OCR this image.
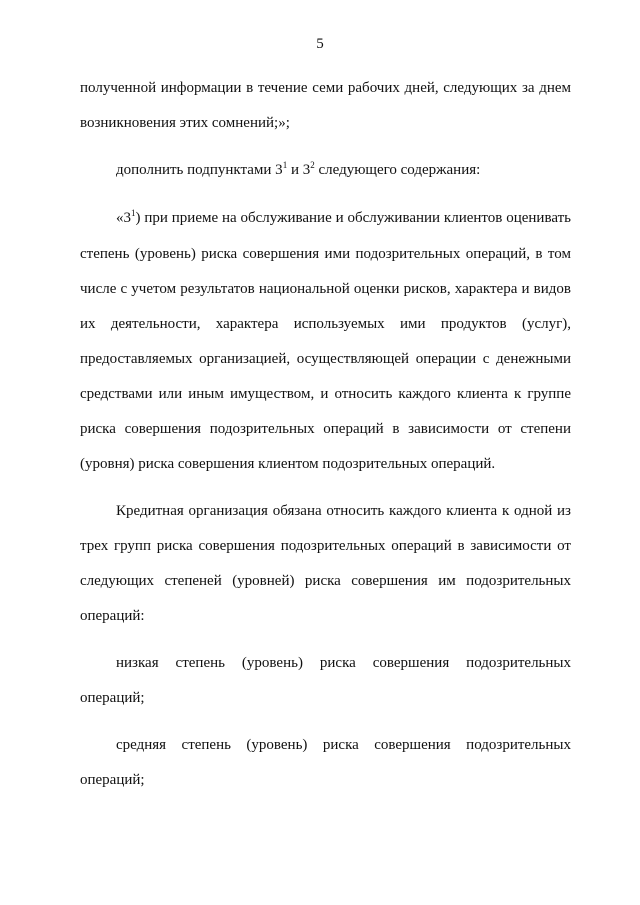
5

полученной информации в течение семи рабочих дней, следующих за днем возникновения этих сомнений;»;

дополнить подпунктами $3^1$ и $3^2$ следующего содержания:

«$3^1$) при приеме на обслуживание и обслуживании клиентов оценивать степень (уровень) риска совершения ими подозрительных операций, в том числе с учетом результатов национальной оценки рисков, характера и видов их деятельности, характера используемых ими продуктов (услуг), предоставляемых организацией, осуществляющей операции с денежными средствами или иным имуществом, и относить каждого клиента к группе риска совершения подозрительных операций в зависимости от степени (уровня) риска совершения клиентом подозрительных операций.

Кредитная организация обязана относить каждого клиента к одной из трех групп риска совершения подозрительных операций в зависимости от следующих степеней (уровней) риска совершения им подозрительных операций:

низкая степень (уровень) риска совершения подозрительных операций;

средняя степень (уровень) риска совершения подозрительных операций;
